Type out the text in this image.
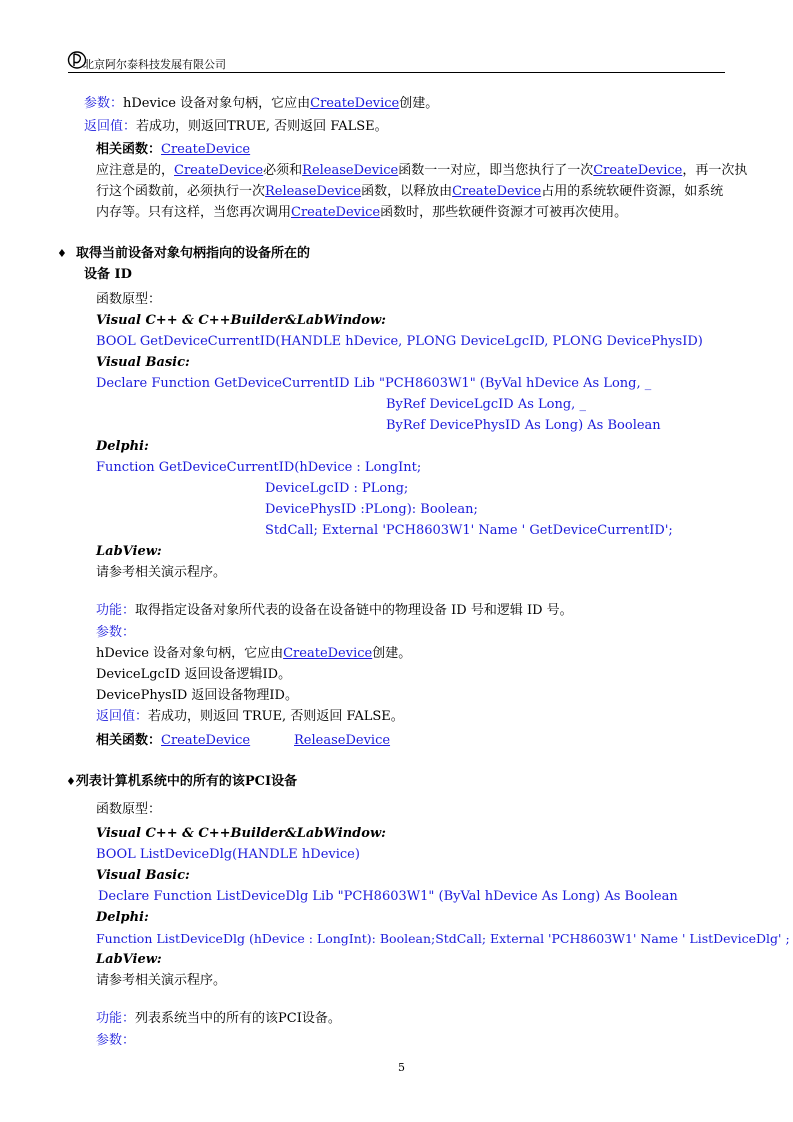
北京阿尔泰科技发展有限公司
参数：hDevice 设备对象句柄，它应由CreateDevice创建。
返回值：若成功，则返回TRUE, 否则返回 FALSE。
相关函数：CreateDevice
应注意是的，CreateDevice必须和ReleaseDevice函数一一对应，即当您执行了一次CreateDevice，再一次执
行这个函数前，必须执行一次ReleaseDevice函数，以释放由CreateDevice占用的系统软硬件资源，如系统
内存等。只有这样，当您再次调用CreateDevice函数时，那些软硬件资源才可被再次使用。
♦ 取得当前设备对象句柄指向的设备所在的
设备 ID
函数原型：
Visual C++ & C++Builder&LabWindow:
BOOL GetDeviceCurrentID(HANDLE hDevice, PLONG DeviceLgcID, PLONG DevicePhysID)
Visual Basic:
Declare Function GetDeviceCurrentID Lib "PCH8603W1" (ByVal hDevice As Long, _
ByRef DeviceLgcID As Long, _
ByRef DevicePhysID As Long) As Boolean
Delphi:
Function GetDeviceCurrentID(hDevice : LongInt;
DeviceLgcID : PLong;
DevicePhysID :PLong): Boolean;
StdCall; External 'PCH8603W1' Name ' GetDeviceCurrentID';
LabView:
请参考相关演示程序。
功能：取得指定设备对象所代表的设备在设备链中的物理设备 ID 号和逻辑 ID 号。
参数：
hDevice 设备对象句柄，它应由CreateDevice创建。
DeviceLgcID 返回设备逻辑ID。
DevicePhysID 返回设备物理ID。
返回值：若成功，则返回 TRUE, 否则返回 FALSE。
相关函数：CreateDevice	ReleaseDevice
♦列表计算机系统中的所有的该PCI设备
函数原型：
Visual C++ & C++Builder&LabWindow:
BOOL ListDeviceDlg(HANDLE hDevice)
Visual Basic:
Declare Function ListDeviceDlg Lib "PCH8603W1" (ByVal hDevice As Long) As Boolean
Delphi:
Function ListDeviceDlg (hDevice : LongInt): Boolean;StdCall; External 'PCH8603W1' Name ' ListDeviceDlg' ;
LabView:
请参考相关演示程序。
功能：列表系统当中的所有的该PCI设备。
参数：
5
